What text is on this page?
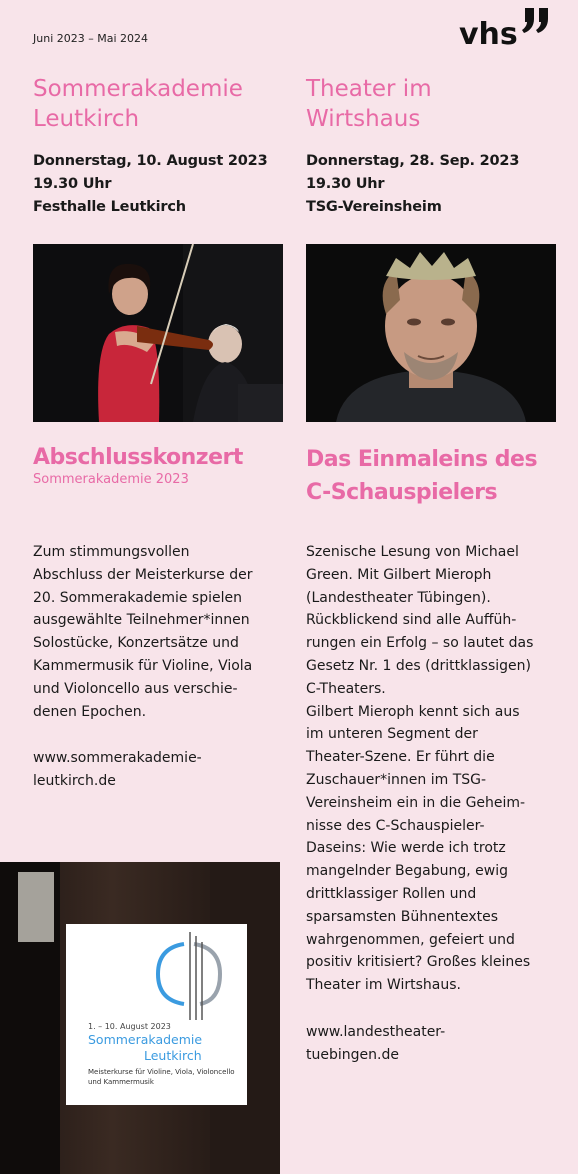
Juni 2023 – Mai 2024	vhs
Sommerakademie
Leutkirch
Donnerstag, 10. August 2023
19.30 Uhr
Festhalle Leutkirch
Abschlusskonzert
Sommerakademie 2023
Zum stimmungsvollen
Abschluss der Meisterkurse der
20. Sommerakademie spielen
ausgewählte Teilnehmer*innen
Solostücke, Konzertsätze und
Kammermusik für Violine, Viola
und Violoncello aus verschie-
denen Epochen.
www.sommerakademie-
leutkirch.de
Theater im
Wirtshaus
Donnerstag, 28. Sep. 2023
19.30 Uhr
TSG-Vereinsheim
Das Einmaleins des
C-Schauspielers
Szenische Lesung von Michael
Green. Mit Gilbert Mieroph
(Landestheater Tübingen).
Rückblickend sind alle Auffüh-
rungen ein Erfolg – so lautet das
Gesetz Nr. 1 des (drittklassigen)
C-Theaters.
Gilbert Mieroph kennt sich aus
im unteren Segment der
Theater-Szene. Er führt die
Zuschauer*innen im TSG-
Vereinsheim ein in die Geheim-
nisse des C-Schauspieler-
Daseins: Wie werde ich trotz
mangelnder Begabung, ewig
drittklassiger Rollen und
sparsamsten Bühnentextes
wahrgenommen, gefeiert und
positiv kritisiert? Großes kleines
Theater im Wirtshaus.
www.landestheater-
tuebingen.de
1. – 10. August 2023
Sommerakademie
Leutkirch
Meisterkurse für Violine, Viola, Violoncello und Kammermusik
